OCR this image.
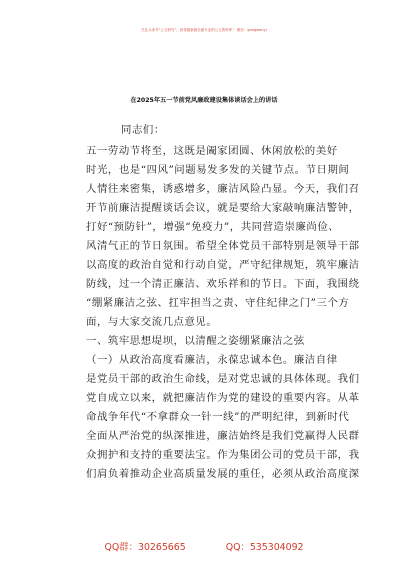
关注头条号“公文研究”，获得最新最全最专业的公文资料库！ 微信：gongwenyj
在2025年五一节前党风廉政建设集体谈话会上的讲话
同志们：
五一劳动节将至，这既是阖家团圆、休闲放松的美好
时光，也是“四风”问题易发多发的关键节点。节日期间
人情往来密集，诱惑增多，廉洁风险凸显。今天，我们召
开节前廉洁提醒谈话会议，就是要给大家敲响廉洁警钟，
打好“预防针”，增强“免疫力”，共同营造崇廉尚俭、
风清气正的节日氛围。希望全体党员干部特别是领导干部
以高度的政治自觉和行动自觉，严守纪律规矩，筑牢廉洁
防线，过一个清正廉洁、欢乐祥和的节日。下面，我围绕
“绷紧廉洁之弦、扛牢担当之责、守住纪律之门”三个方
面，与大家交流几点意见。
一、筑牢思想堤坝，以清醒之姿绷紧廉洁之弦
（一）从政治高度看廉洁，永葆忠诚本色。廉洁自律
是党员干部的政治生命线，是对党忠诚的具体体现。我们
党自成立以来，就把廉洁作为党的建设的重要内容。从革
命战争年代“不拿群众一针一线”的严明纪律，到新时代
全面从严治党的纵深推进，廉洁始终是我们党赢得人民群
众拥护和支持的重要法宝。作为集团公司的党员干部，我
们肩负着推动企业高质量发展的重任，必须从政治高度深
QQ群：30265665	QQ：535304092
